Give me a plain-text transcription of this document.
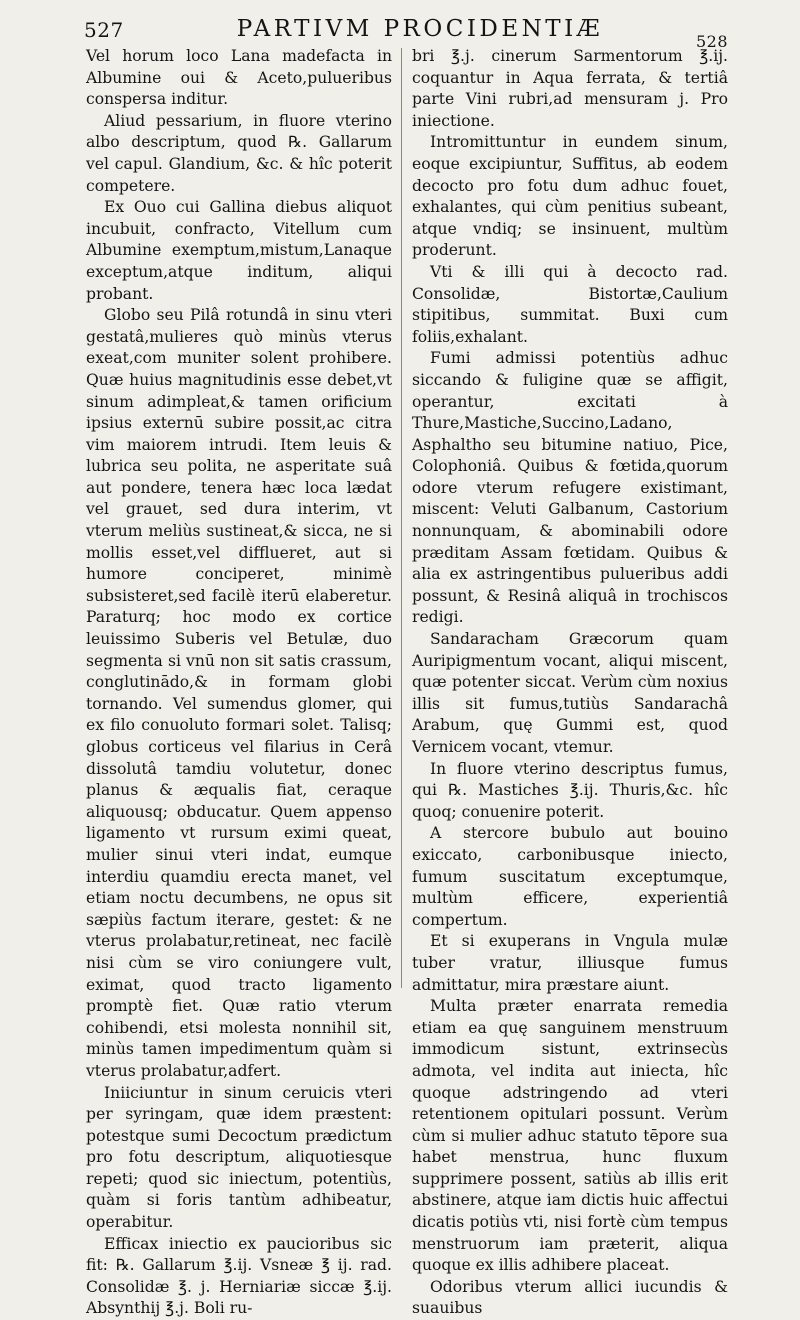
527	PARTIVM PROCIDENTIÆ	528

Vel horum loco Lana madefacta in Albumine oui & Aceto,pulueribus conspersa inditur.

Aliud pessarium, in fluore vterino albo descriptum, quod ℞. Gallarum vel capul. Glandium, &c. & hîc poterit competere.

Ex Ouo cui Gallina diebus aliquot incubuit, confracto, Vitellum cum Albumine exemptum,mistum,Lanaque exceptum,atque inditum, aliqui probant.

Globo seu Pilâ rotundâ in sinu vteri gestatâ,mulieres quò minùs vterus exeat,com muniter solent prohibere. Quæ huius magnitudinis esse debet,vt sinum adimpleat,& tamen orificium ipsius externū subire possit,ac citra vim maiorem intrudi. Item leuis & lubrica seu polita, ne asperitate suâ aut pondere, tenera hæc loca lædat vel grauet, sed dura interim, vt vterum meliùs sustineat,& sicca, ne si mollis esset,vel difflueret, aut si humore conciperet, minimè subsisteret,sed facilè iterū elaberetur. Paraturq; hoc modo ex cortice leuissimo Suberis vel Betulæ, duo segmenta si vnū non sit satis crassum, conglutinādo,& in formam globi tornando. Vel sumendus glomer, qui ex filo conuoluto formari solet. Talisq; globus corticeus vel filarius in Cerâ dissolutâ tamdiu volutetur, donec planus & æqualis fiat, ceraque aliquousq; obducatur. Quem appenso ligamento vt rursum eximi queat, mulier sinui vteri indat, eumque interdiu quamdiu erecta manet, vel etiam noctu decumbens, ne opus sit sæpiùs factum iterare, gestet: & ne vterus prolabatur,retineat, nec facilè nisi cùm se viro coniungere vult, eximat, quod tracto ligamento promptè fiet. Quæ ratio vterum cohibendi, etsi molesta nonnihil sit, minùs tamen impedimentum quàm si vterus prolabatur,adfert.

Iniiciuntur in sinum ceruicis vteri per syringam, quæ idem præstent: potestque sumi Decoctum prædictum pro fotu descriptum, aliquotiesque repeti; quod sic iniectum, potentiùs, quàm si foris tantùm adhibeatur, operabitur.

Efficax iniectio ex paucioribus sic fit: ℞. Gallarum ℥.ij. Vsneæ ℥ ij. rad. Consolidæ ℥. j. Herniariæ siccæ ℥.ij. Absynthij ℥.j. Boli ru-

bri ℥.j. cinerum Sarmentorum ℥.ij. coquantur in Aqua ferrata, & tertiâ parte Vini rubri,ad mensuram j. Pro iniectione.

Intromittuntur in eundem sinum, eoque excipiuntur, Suffitus, ab eodem decocto pro fotu dum adhuc fouet, exhalantes, qui cùm penitius subeant, atque vndiq; se insinuent, multùm proderunt.

Vti & illi qui à decocto rad. Consolidæ, Bistortæ,Caulium stipitibus, summitat. Buxi cum foliis,exhalant.

Fumi admissi potentiùs adhuc siccando & fuligine quæ se affigit, operantur, excitati à Thure,Mastiche,Succino,Ladano, Asphaltho seu bitumine natiuo, Pice, Colophoniâ. Quibus & fœtida,quorum odore vterum refugere existimant, miscent: Veluti Galbanum, Castorium nonnunquam, & abominabili odore præditam Assam fœtidam. Quibus & alia ex astringentibus pulueribus addi possunt, & Resinâ aliquâ in trochiscos redigi.

Sandaracham Græcorum quam Auripigmentum vocant, aliqui miscent, quæ potenter siccat. Verùm cùm noxius illis sit fumus,tutiùs Sandarachâ Arabum, quę Gummi est, quod Vernicem vocant, vtemur.

In fluore vterino descriptus fumus, qui ℞. Mastiches ℥.ij. Thuris,&c. hîc quoq; conuenire poterit.

A stercore bubulo aut bouino exiccato, carbonibusque iniecto, fumum suscitatum exceptumque, multùm efficere, experientiâ compertum.

Et si exuperans in Vngula mulæ tuber vratur, illiusque fumus admittatur, mira præstare aiunt.

Multa præter enarrata remedia etiam ea quę sanguinem menstruum immodicum sistunt, extrinsecùs admota, vel indita aut iniecta, hîc quoque adstringendo ad vteri retentionem opitulari possunt. Verùm cùm si mulier adhuc statuto tēpore sua habet menstrua, hunc fluxum supprimere possent, satiùs ab illis erit abstinere, atque iam dictis huic affectui dicatis potiùs vti, nisi fortè cùm tempus menstruorum iam præterit, aliqua quoque ex illis adhibere placeat.

Odoribus vterum allici iucundis & suauibus
